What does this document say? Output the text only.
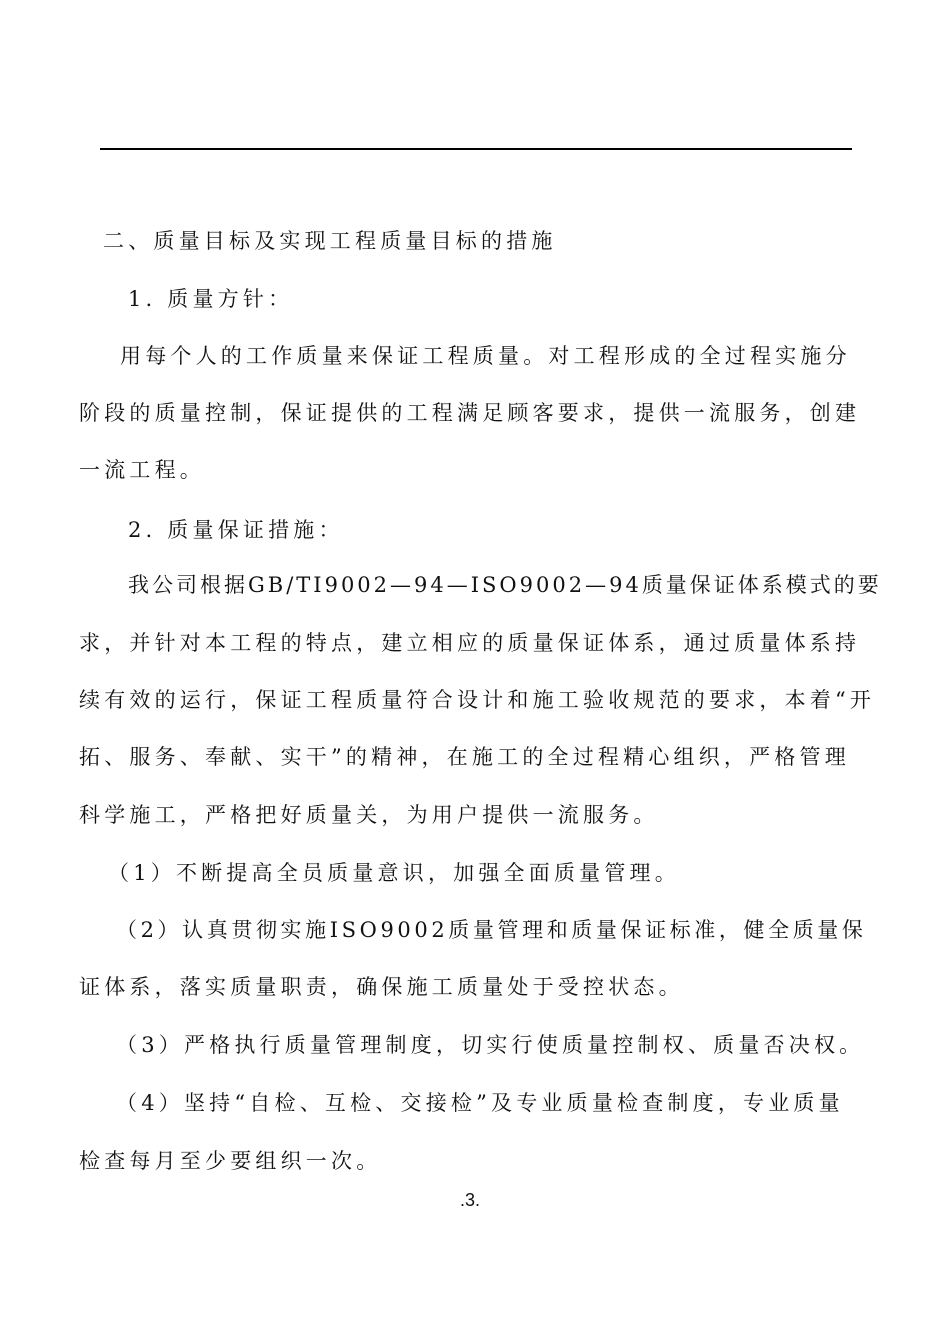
二、质量目标及实现工程质量目标的措施
1. 质量方针：
用每个人的工作质量来保证工程质量。对工程形成的全过程实施分
阶段的质量控制，保证提供的工程满足顾客要求，提供一流服务，创建
一流工程。
2. 质量保证措施：
我公司根据GB/TI9002—94—ISO9002—94质量保证体系模式的要
求，并针对本工程的特点，建立相应的质量保证体系，通过质量体系持
续有效的运行，保证工程质量符合设计和施工验收规范的要求，本着“开
拓、服务、奉献、实干”的精神，在施工的全过程精心组织，严格管理
科学施工，严格把好质量关，为用户提供一流服务。
（1）不断提高全员质量意识，加强全面质量管理。
（2）认真贯彻实施ISO9002质量管理和质量保证标准，健全质量保
证体系，落实质量职责，确保施工质量处于受控状态。
（3）严格执行质量管理制度，切实行使质量控制权、质量否决权。
（4）坚持“自检、互检、交接检”及专业质量检查制度，专业质量
检查每月至少要组织一次。
.3.
